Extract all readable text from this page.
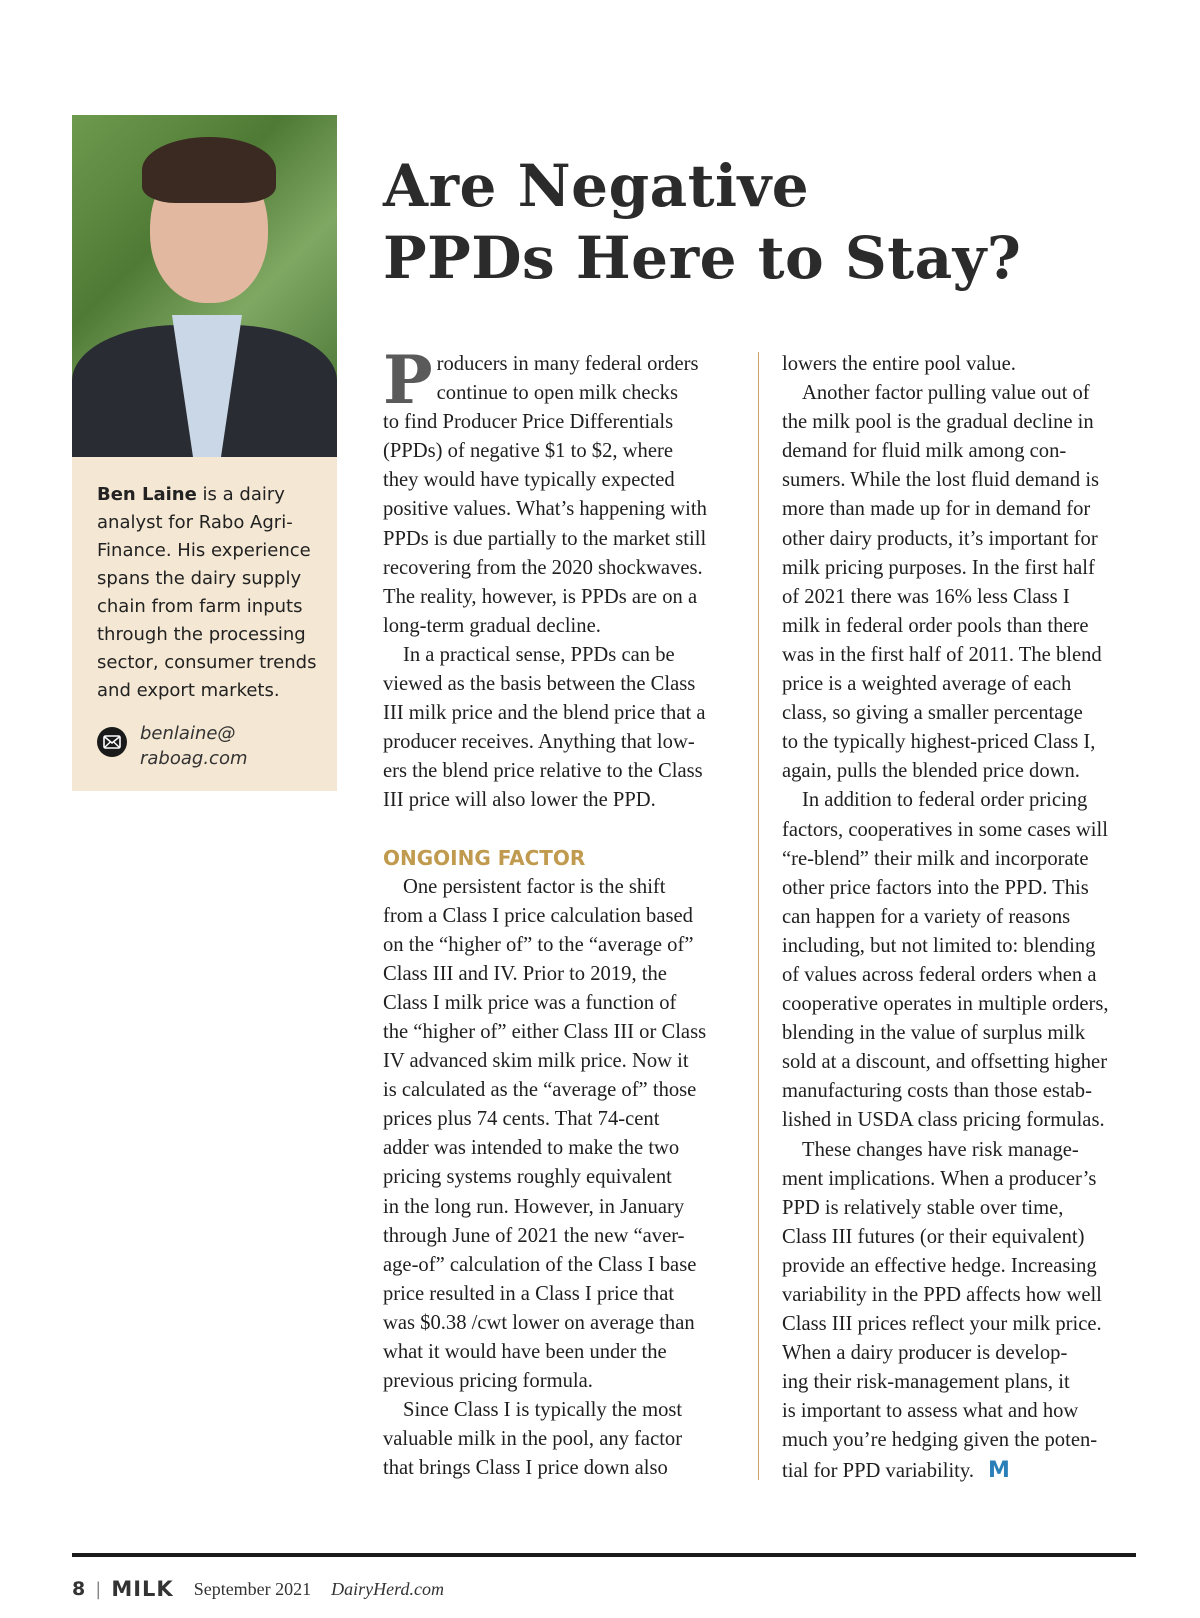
Ben Laine is a dairy
analyst for Rabo Agri-
Finance. His experience
spans the dairy supply
chain from farm inputs
through the processing
sector, consumer trends
and export markets.
benlaine@
raboag.com
Are Negative
PPDs Here to Stay?

P roducers in many federal orders
continue to open milk checks
to find Producer Price Differentials
(PPDs) of negative $1 to $2, where
they would have typically expected
positive values. What’s happening with
PPDs is due partially to the market still
recovering from the 2020 shockwaves.
The reality, however, is PPDs are on a
long-term gradual decline.

In a practical sense, PPDs can be
viewed as the basis between the Class
III milk price and the blend price that a
producer receives. Anything that low-
ers the blend price relative to the Class
III price will also lower the PPD.

ONGOING FACTOR

One persistent factor is the shift
from a Class I price calculation based
on the “higher of” to the “average of”
Class III and IV. Prior to 2019, the
Class I milk price was a function of
the “higher of” either Class III or Class
IV advanced skim milk price. Now it
is calculated as the “average of” those
prices plus 74 cents. That 74-cent
adder was intended to make the two
pricing systems roughly equivalent
in the long run. However, in January
through June of 2021 the new “aver-
age-of” calculation of the Class I base
price resulted in a Class I price that
was $0.38 /cwt lower on average than
what it would have been under the
previous pricing formula.

Since Class I is typically the most
valuable milk in the pool, any factor
that brings Class I price down also

lowers the entire pool value.

Another factor pulling value out of
the milk pool is the gradual decline in
demand for fluid milk among con-
sumers. While the lost fluid demand is
more than made up for in demand for
other dairy products, it’s important for
milk pricing purposes. In the first half
of 2021 there was 16% less Class I
milk in federal order pools than there
was in the first half of 2011. The blend
price is a weighted average of each
class, so giving a smaller percentage
to the typically highest-priced Class I,
again, pulls the blended price down.

In addition to federal order pricing
factors, cooperatives in some cases will
“re-blend” their milk and incorporate
other price factors into the PPD. This
can happen for a variety of reasons
including, but not limited to: blending
of values across federal orders when a
cooperative operates in multiple orders,
blending in the value of surplus milk
sold at a discount, and offsetting higher
manufacturing costs than those estab-
lished in USDA class pricing formulas.

These changes have risk manage-
ment implications. When a producer’s
PPD is relatively stable over time,
Class III futures (or their equivalent)
provide an effective hedge. Increasing
variability in the PPD affects how well
Class III prices reflect your milk price.
When a dairy producer is develop-
ing their risk-management plans, it
is important to assess what and how
much you’re hedging given the poten-
tial for PPD variability. M

8 | MILK September 2021 DairyHerd.com
